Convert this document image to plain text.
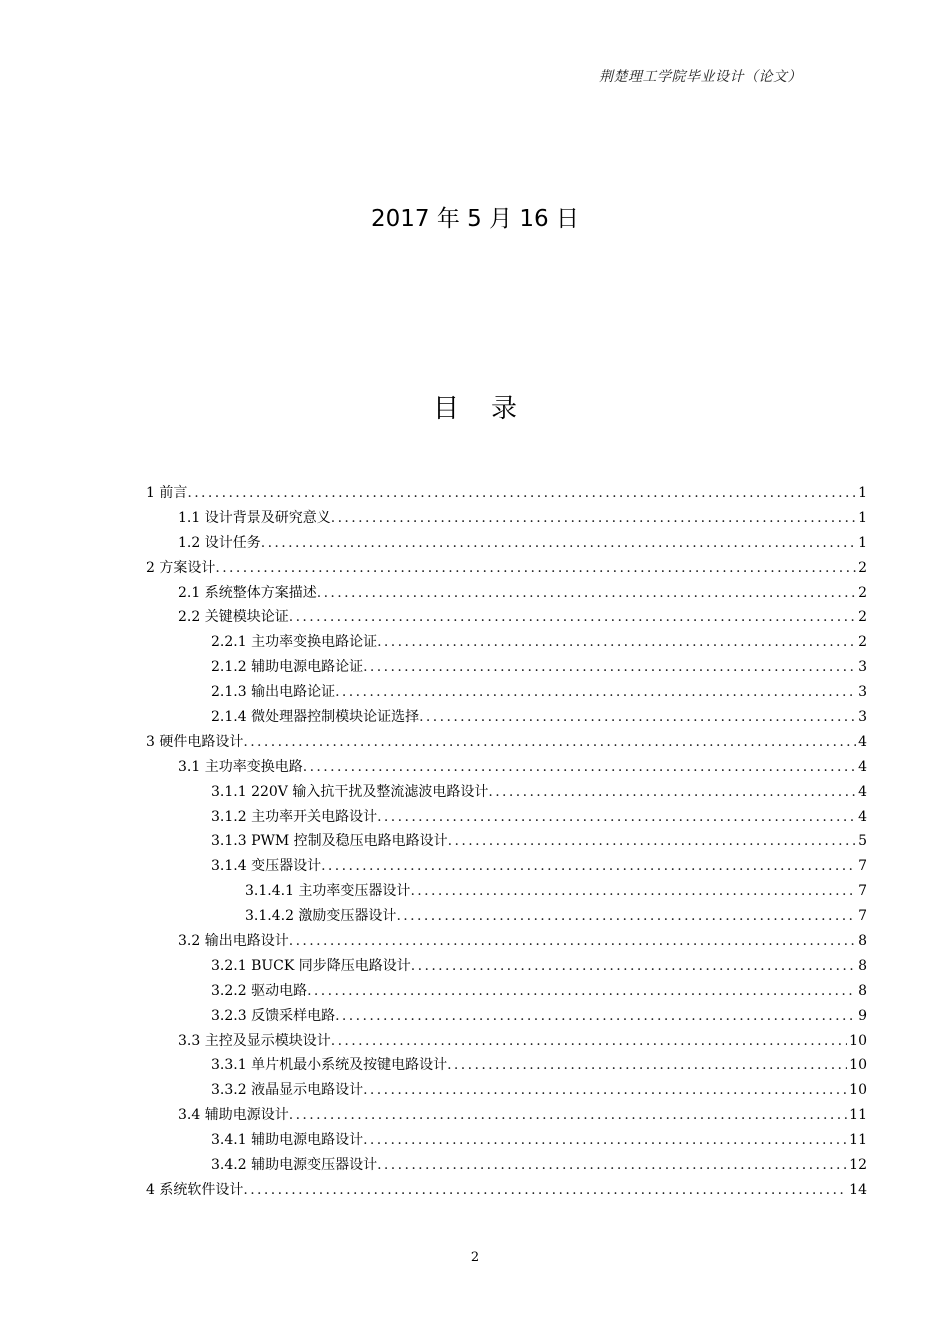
荆楚理工学院毕业设计（论文）
2017 年 5 月 16 日
目 录
1 前言 .....	1
1.1 设计背景及研究意义 .....	1
1.2 设计任务 .....	1
2 方案设计 .....	2
2.1 系统整体方案描述 .....	2
2.2 关键模块论证 .....	2
2.2.1 主功率变换电路论证 .....	2
2.1.2 辅助电源电路论证 .....	3
2.1.3 输出电路论证 .....	3
2.1.4 微处理器控制模块论证选择 .....	3
3 硬件电路设计 .....	4
3.1 主功率变换电路 .....	4
3.1.1 220V 输入抗干扰及整流滤波电路设计 .....	4
3.1.2 主功率开关电路设计 .....	4
3.1.3 PWM 控制及稳压电路电路设计 .....	5
3.1.4 变压器设计 .....	7
3.1.4.1 主功率变压器设计 .....	7
3.1.4.2 激励变压器设计 .....	7
3.2 输出电路设计 .....	8
3.2.1 BUCK 同步降压电路设计 .....	8
3.2.2 驱动电路 .....	8
3.2.3 反馈采样电路 .....	9
3.3 主控及显示模块设计 .....	10
3.3.1 单片机最小系统及按键电路设计 .....	10
3.3.2 液晶显示电路设计 .....	10
3.4 辅助电源设计 .....	11
3.4.1 辅助电源电路设计 .....	11
3.4.2 辅助电源变压器设计 .....	12
4 系统软件设计 .....	14
2
